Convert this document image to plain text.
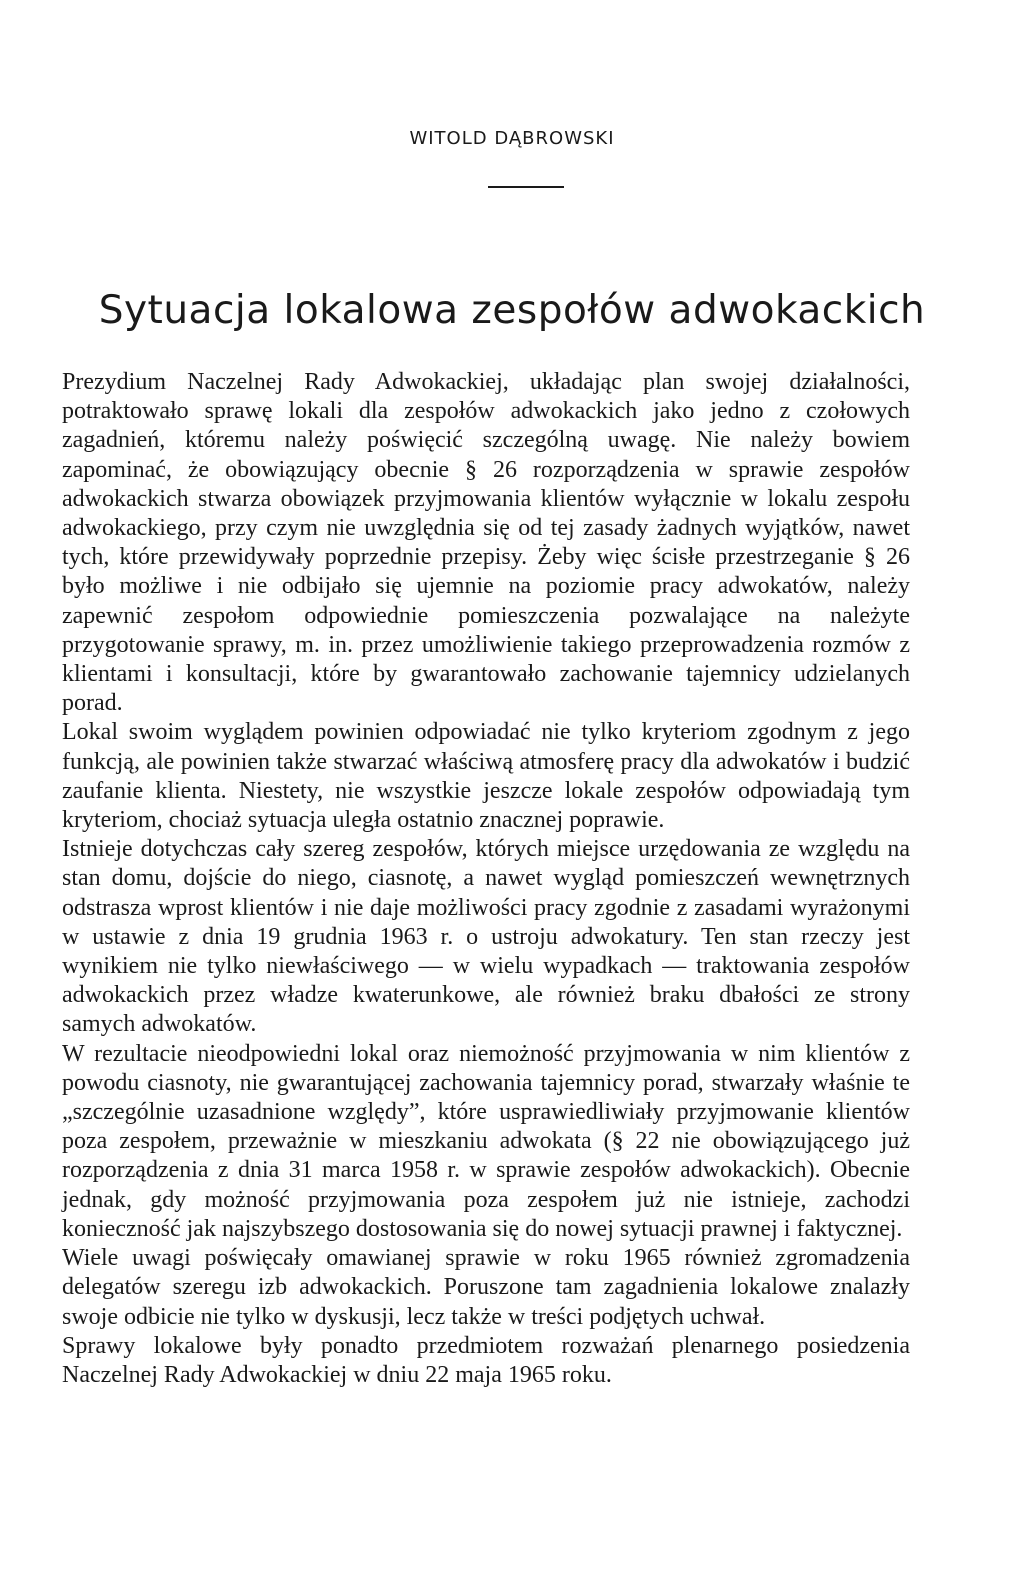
WITOLD DĄBROWSKI
Sytuacja lokalowa zespołów adwokackich

Prezydium Naczelnej Rady Adwokackiej, układając plan swojej działalności, potraktowało sprawę lokali dla zespołów adwokackich jako jedno z czołowych zagadnień, któremu należy poświęcić szczególną uwagę. Nie należy bowiem zapominać, że obowiązujący obecnie § 26 rozporządzenia w sprawie zespołów adwokackich stwarza obowiązek przyjmowania klientów wyłącznie w lokalu zespołu adwokackiego, przy czym nie uwzględnia się od tej zasady żadnych wyjątków, nawet tych, które przewidywały poprzednie przepisy. Żeby więc ścisłe przestrzeganie § 26 było możliwe i nie odbijało się ujemnie na poziomie pracy adwokatów, należy zapewnić zespołom odpowiednie pomieszczenia pozwalające na należyte przygotowanie sprawy, m. in. przez umożliwienie takiego przeprowadzenia rozmów z klientami i konsultacji, które by gwarantowało zachowanie tajemnicy udzielanych porad.

Lokal swoim wyglądem powinien odpowiadać nie tylko kryteriom zgodnym z jego funkcją, ale powinien także stwarzać właściwą atmosferę pracy dla adwokatów i budzić zaufanie klienta. Niestety, nie wszystkie jeszcze lokale zespołów odpowiadają tym kryteriom, chociaż sytuacja uległa ostatnio znacznej poprawie.

Istnieje dotychczas cały szereg zespołów, których miejsce urzędowania ze względu na stan domu, dojście do niego, ciasnotę, a nawet wygląd pomieszczeń wewnętrznych odstrasza wprost klientów i nie daje możliwości pracy zgodnie z zasadami wyrażonymi w ustawie z dnia 19 grudnia 1963 r. o ustroju adwokatury. Ten stan rzeczy jest wynikiem nie tylko niewłaściwego — w wielu wypadkach — traktowania zespołów adwokackich przez władze kwaterunkowe, ale również braku dbałości ze strony samych adwokatów.

W rezultacie nieodpowiedni lokal oraz niemożność przyjmowania w nim klientów z powodu ciasnoty, nie gwarantującej zachowania tajemnicy porad, stwarzały właśnie te „szczególnie uzasadnione względy”, które usprawiedliwiały przyjmowanie klientów poza zespołem, przeważnie w mieszkaniu adwokata (§ 22 nie obowiązującego już rozporządzenia z dnia 31 marca 1958 r. w sprawie zespołów adwokackich). Obecnie jednak, gdy możność przyjmowania poza zespołem już nie istnieje, zachodzi konieczność jak najszybszego dostosowania się do nowej sytuacji prawnej i faktycznej.

Wiele uwagi poświęcały omawianej sprawie w roku 1965 również zgromadzenia delegatów szeregu izb adwokackich. Poruszone tam zagadnienia lokalowe znalazły swoje odbicie nie tylko w dyskusji, lecz także w treści podjętych uchwał.

Sprawy lokalowe były ponadto przedmiotem rozważań plenarnego posiedzenia Naczelnej Rady Adwokackiej w dniu 22 maja 1965 roku.
